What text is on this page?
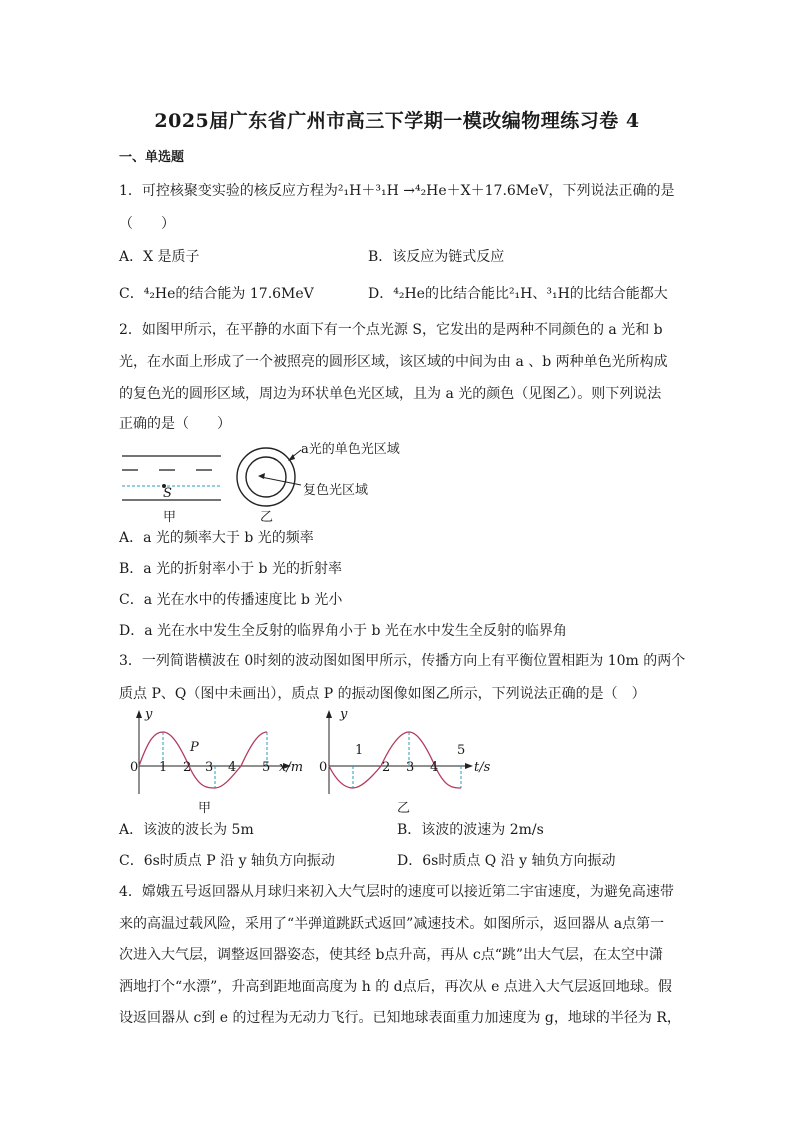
2025届广东省广州市高三下学期一模改编物理练习卷 4
一、单选题
1．可控核聚变实验的核反应方程为²₁H＋³₁H →⁴₂He＋X＋17.6MeV，下列说法正确的是
（　　）
A．X 是质子	B．该反应为链式反应
C．⁴₂He的结合能为 17.6MeV	D．⁴₂He的比结合能比²₁H、³₁H的比结合能都大
2．如图甲所示，在平静的水面下有一个点光源 S，它发出的是两种不同颜色的 a 光和 b
光，在水面上形成了一个被照亮的圆形区域，该区域的中间为由 a 、b 两种单色光所构成
的复色光的圆形区域，周边为环状单色光区域，且为 a 光的颜色（见图乙）。则下列说法
正确的是（　　）
S
甲
a光的单色光区域
复色光区域
乙
A．a 光的频率大于 b 光的频率
B．a 光的折射率小于 b 光的折射率
C．a 光在水中的传播速度比 b 光小
D．a 光在水中发生全反射的临界角小于 b 光在水中发生全反射的临界角
3．一列简谐横波在 0时刻的波动图如图甲所示，传播方向上有平衡位置相距为 10m 的两个
质点 P、Q（图中未画出），质点 P 的振动图像如图乙所示，下列说法正确的是（　）
y
0 1 2 3 4 5 x/m
P
甲
y
0
1
2 3 4
5
t/s
乙
A．该波的波长为 5m	B．该波的波速为 2m/s
C．6s时质点 P 沿 y 轴负方向振动	D．6s时质点 Q 沿 y 轴负方向振动
4．嫦娥五号返回器从月球归来初入大气层时的速度可以接近第二宇宙速度，为避免高速带
来的高温过载风险，采用了“半弹道跳跃式返回”减速技术。如图所示，返回器从 a点第一
次进入大气层，调整返回器姿态，使其经 b点升高，再从 c点“跳”出大气层，在太空中潇
洒地打个“水漂”，升高到距地面高度为 h 的 d点后，再次从 e 点进入大气层返回地球。假
设返回器从 c到 e 的过程为无动力飞行。已知地球表面重力加速度为 g，地球的半径为 R，
